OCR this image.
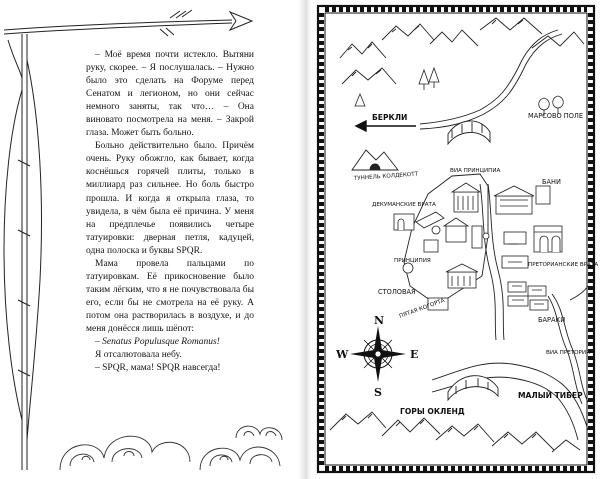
– Моё время почти истекло. Вытяни руку, скорее. – Я послушалась. – Нужно было это сделать на Форуме перед Сенатом и легионом, но они сейчас немного заняты, так что… – Она виновато посмотрела на меня. – Закрой глаза. Может быть больно.

Больно действительно было. Причём очень. Руку обожгло, как бывает, когда коснёшься горячей плиты, только в миллиард раз сильнее. Но боль быстро прошла. И когда я открыла глаза, то увидела, в чём была её причина. У меня на предплечье появились четыре татуировки: дверная петля, кадуцей, одна полоска и буквы SPQR.

Мама провела пальцами по татуировкам. Её прикосновение было таким лёгким, что я не почувствовала бы его, если бы не смотрела на её руку. А потом она растворилась в воздухе, и до меня донёсся лишь шёпот:

– Senatus Populusque Romanus!

Я отсалютовала небу.

– SPQR, мама! SPQR навсегда!

БЕРКЛИ	МАРСОВО ПОЛЕ
ТУННЕЛЬ КОЛДЕКОТТ
ВИА ПРИНЦИПИА
БАНИ
ДЕКУМАНСКИЕ ВРАТА
ПРИНЦИПИЯ
ПРЕТОРИАНСКИЕ ВРАТА
СТОЛОВАЯ
ПЯТАЯ КОГОРТА
БАРАКИ
ВИА ПРЕТОРИЯ
МАЛЫЙ ТИБЕР
ГОРЫ ОКЛЕНД
N
S
E
W
